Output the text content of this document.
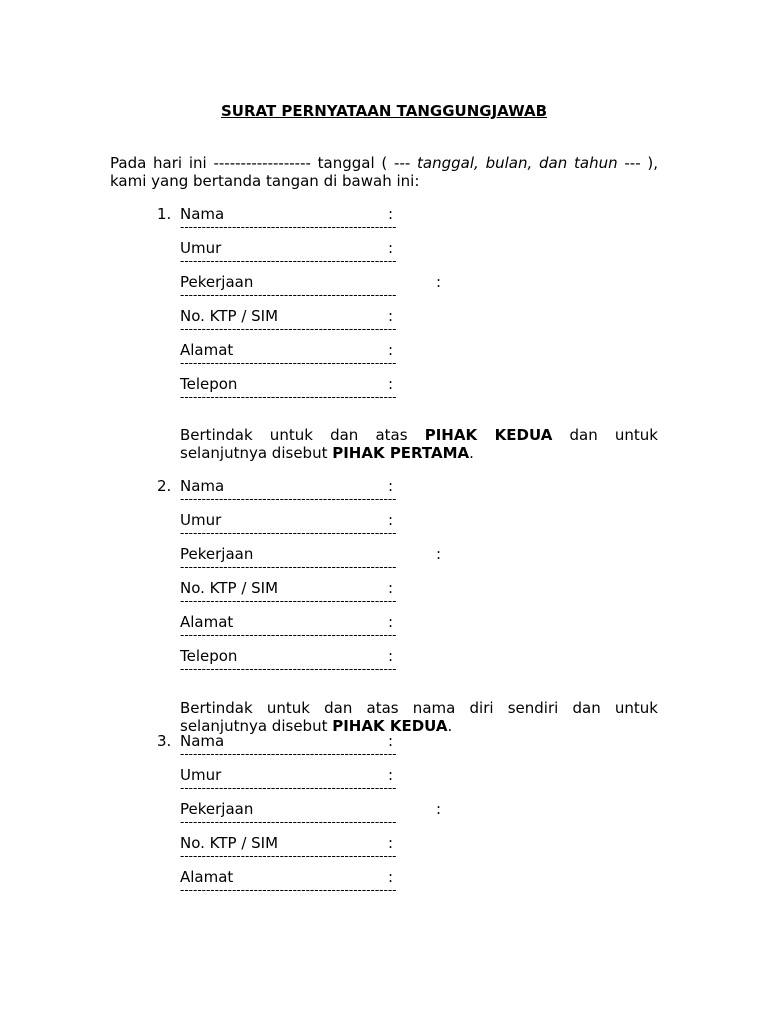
SURAT PERNYATAAN TANGGUNGJAWAB

Pada hari ini ------------------ tanggal ( --- tanggal, bulan, dan tahun --- ),
kami yang bertanda tangan di bawah ini:

1. Nama	:
--------------------------------------------------
Umur	:
--------------------------------------------------
Pekerjaan	:
--------------------------------------------------
No. KTP / SIM	:
--------------------------------------------------
Alamat	:
--------------------------------------------------
Telepon	:
--------------------------------------------------

Bertindak untuk dan atas PIHAK KEDUA dan untuk
selanjutnya disebut PIHAK PERTAMA.

2. Nama	:
--------------------------------------------------
Umur	:
--------------------------------------------------
Pekerjaan	:
--------------------------------------------------
No. KTP / SIM	:
--------------------------------------------------
Alamat	:
--------------------------------------------------
Telepon	:
--------------------------------------------------

Bertindak untuk dan atas nama diri sendiri dan untuk
selanjutnya disebut PIHAK KEDUA.

3. Nama	:
--------------------------------------------------
Umur	:
--------------------------------------------------
Pekerjaan	:
--------------------------------------------------
No. KTP / SIM	:
--------------------------------------------------
Alamat	:
--------------------------------------------------
